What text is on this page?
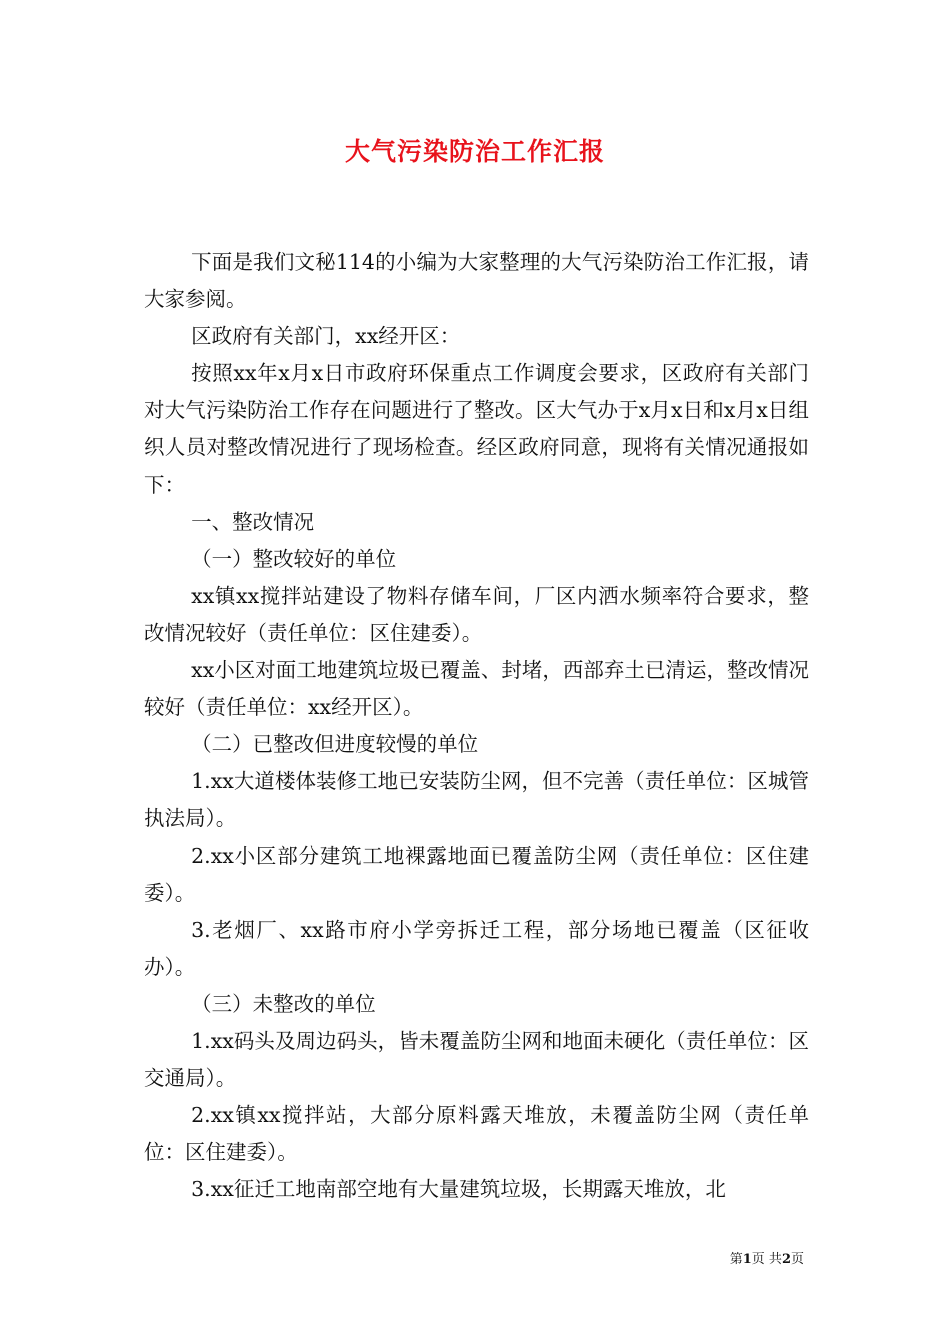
大气污染防治工作汇报

下面是我们文秘114的小编为大家整理的大气污染防治工作汇报，请大家参阅。

区政府有关部门，xx经开区：

按照xx年x月x日市政府环保重点工作调度会要求，区政府有关部门对大气污染防治工作存在问题进行了整改。区大气办于x月x日和x月x日组织人员对整改情况进行了现场检查。经区政府同意，现将有关情况通报如下：

一、整改情况

（一）整改较好的单位

xx镇xx搅拌站建设了物料存储车间，厂区内洒水频率符合要求，整改情况较好（责任单位：区住建委）。

xx小区对面工地建筑垃圾已覆盖、封堵，西部弃土已清运，整改情况较好（责任单位：xx经开区）。

（二）已整改但进度较慢的单位

1.xx大道楼体装修工地已安装防尘网，但不完善（责任单位：区城管执法局）。

2.xx小区部分建筑工地裸露地面已覆盖防尘网（责任单位：区住建委）。

3.老烟厂、xx路市府小学旁拆迁工程，部分场地已覆盖（区征收办）。

（三）未整改的单位

1.xx码头及周边码头，皆未覆盖防尘网和地面未硬化（责任单位：区交通局）。

2.xx镇xx搅拌站，大部分原料露天堆放，未覆盖防尘网（责任单位：区住建委）。

3.xx征迁工地南部空地有大量建筑垃圾，长期露天堆放，北

第1页 共2页
